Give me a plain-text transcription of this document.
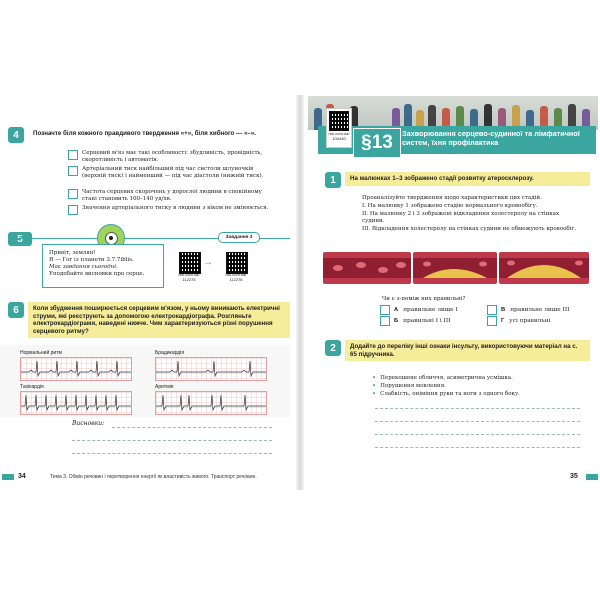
4	Позначте біля кожного правдивого твердження «+», біля хибного — «–».
Серцевий м'яз має такі особливості: збудливість, провідність, скоротливість і автоматія.
Артеріальний тиск найбільший під час систоли шлуночків (верхній тиск) і найменший — під час діастоли (нижній тиск).
Частота серцевих скорочень у дорослої людини в спокійному стані становить 100–140 уд/хв.
Значення артеріального тиску в людини з віком не змінюється.
5
Привіт, землян!
Я — Гог із планети 3.7.7iblis.
Має завдання сьогодні.
Уподобайте висновки про серце.
Завдання 3
rnk.com.ua/
112275
→
rnk.com.ua/
112276
6	Коли збудження поширюється серцевим м'язом, у ньому виникають електричні струми, які реєструють за допомогою електрокардіографа. Розгляньте електрокардіограми, наведені нижче. Чим характеризуються різні порушення серцевого ритму?
Нормальний ритм	Брадикардія
Тахікардія	Аритмія
Висновки:
34	Тема 3. Обмін речовин і перетворення енергії як властивість живого. Транспорт речовин.
rnk.com.ua/
109440 §13	Захворювання серцево-судинної та лімфатичної систем, їхня профілактика
1	На малюнках 1–3 зображено стадії розвитку атеросклерозу.
Проаналізуйте твердження щодо характеристики цих стадій.
I. На малюнку 1 зображено стадію нормального кровообігу.
II. На малюнку 2 і 3 зображені відкладення холестеролу на стінках судини.
III. Відкладення холестеролу на стінках судини не обмежують кровообіг.
Чи є з-поміж них правильні?
А правильне лише I	В правильне лише III
Б правильні I і III	Г усі правильні
2	Додайте до переліку інші ознаки інсульту, використовуючи матеріал на с. 65 підручника.
• Перекошене обличчя, асиметрична усмішка.
• Порушення мовлення.
• Слабкість, оніміння руки та ноги з одного боку.
35
